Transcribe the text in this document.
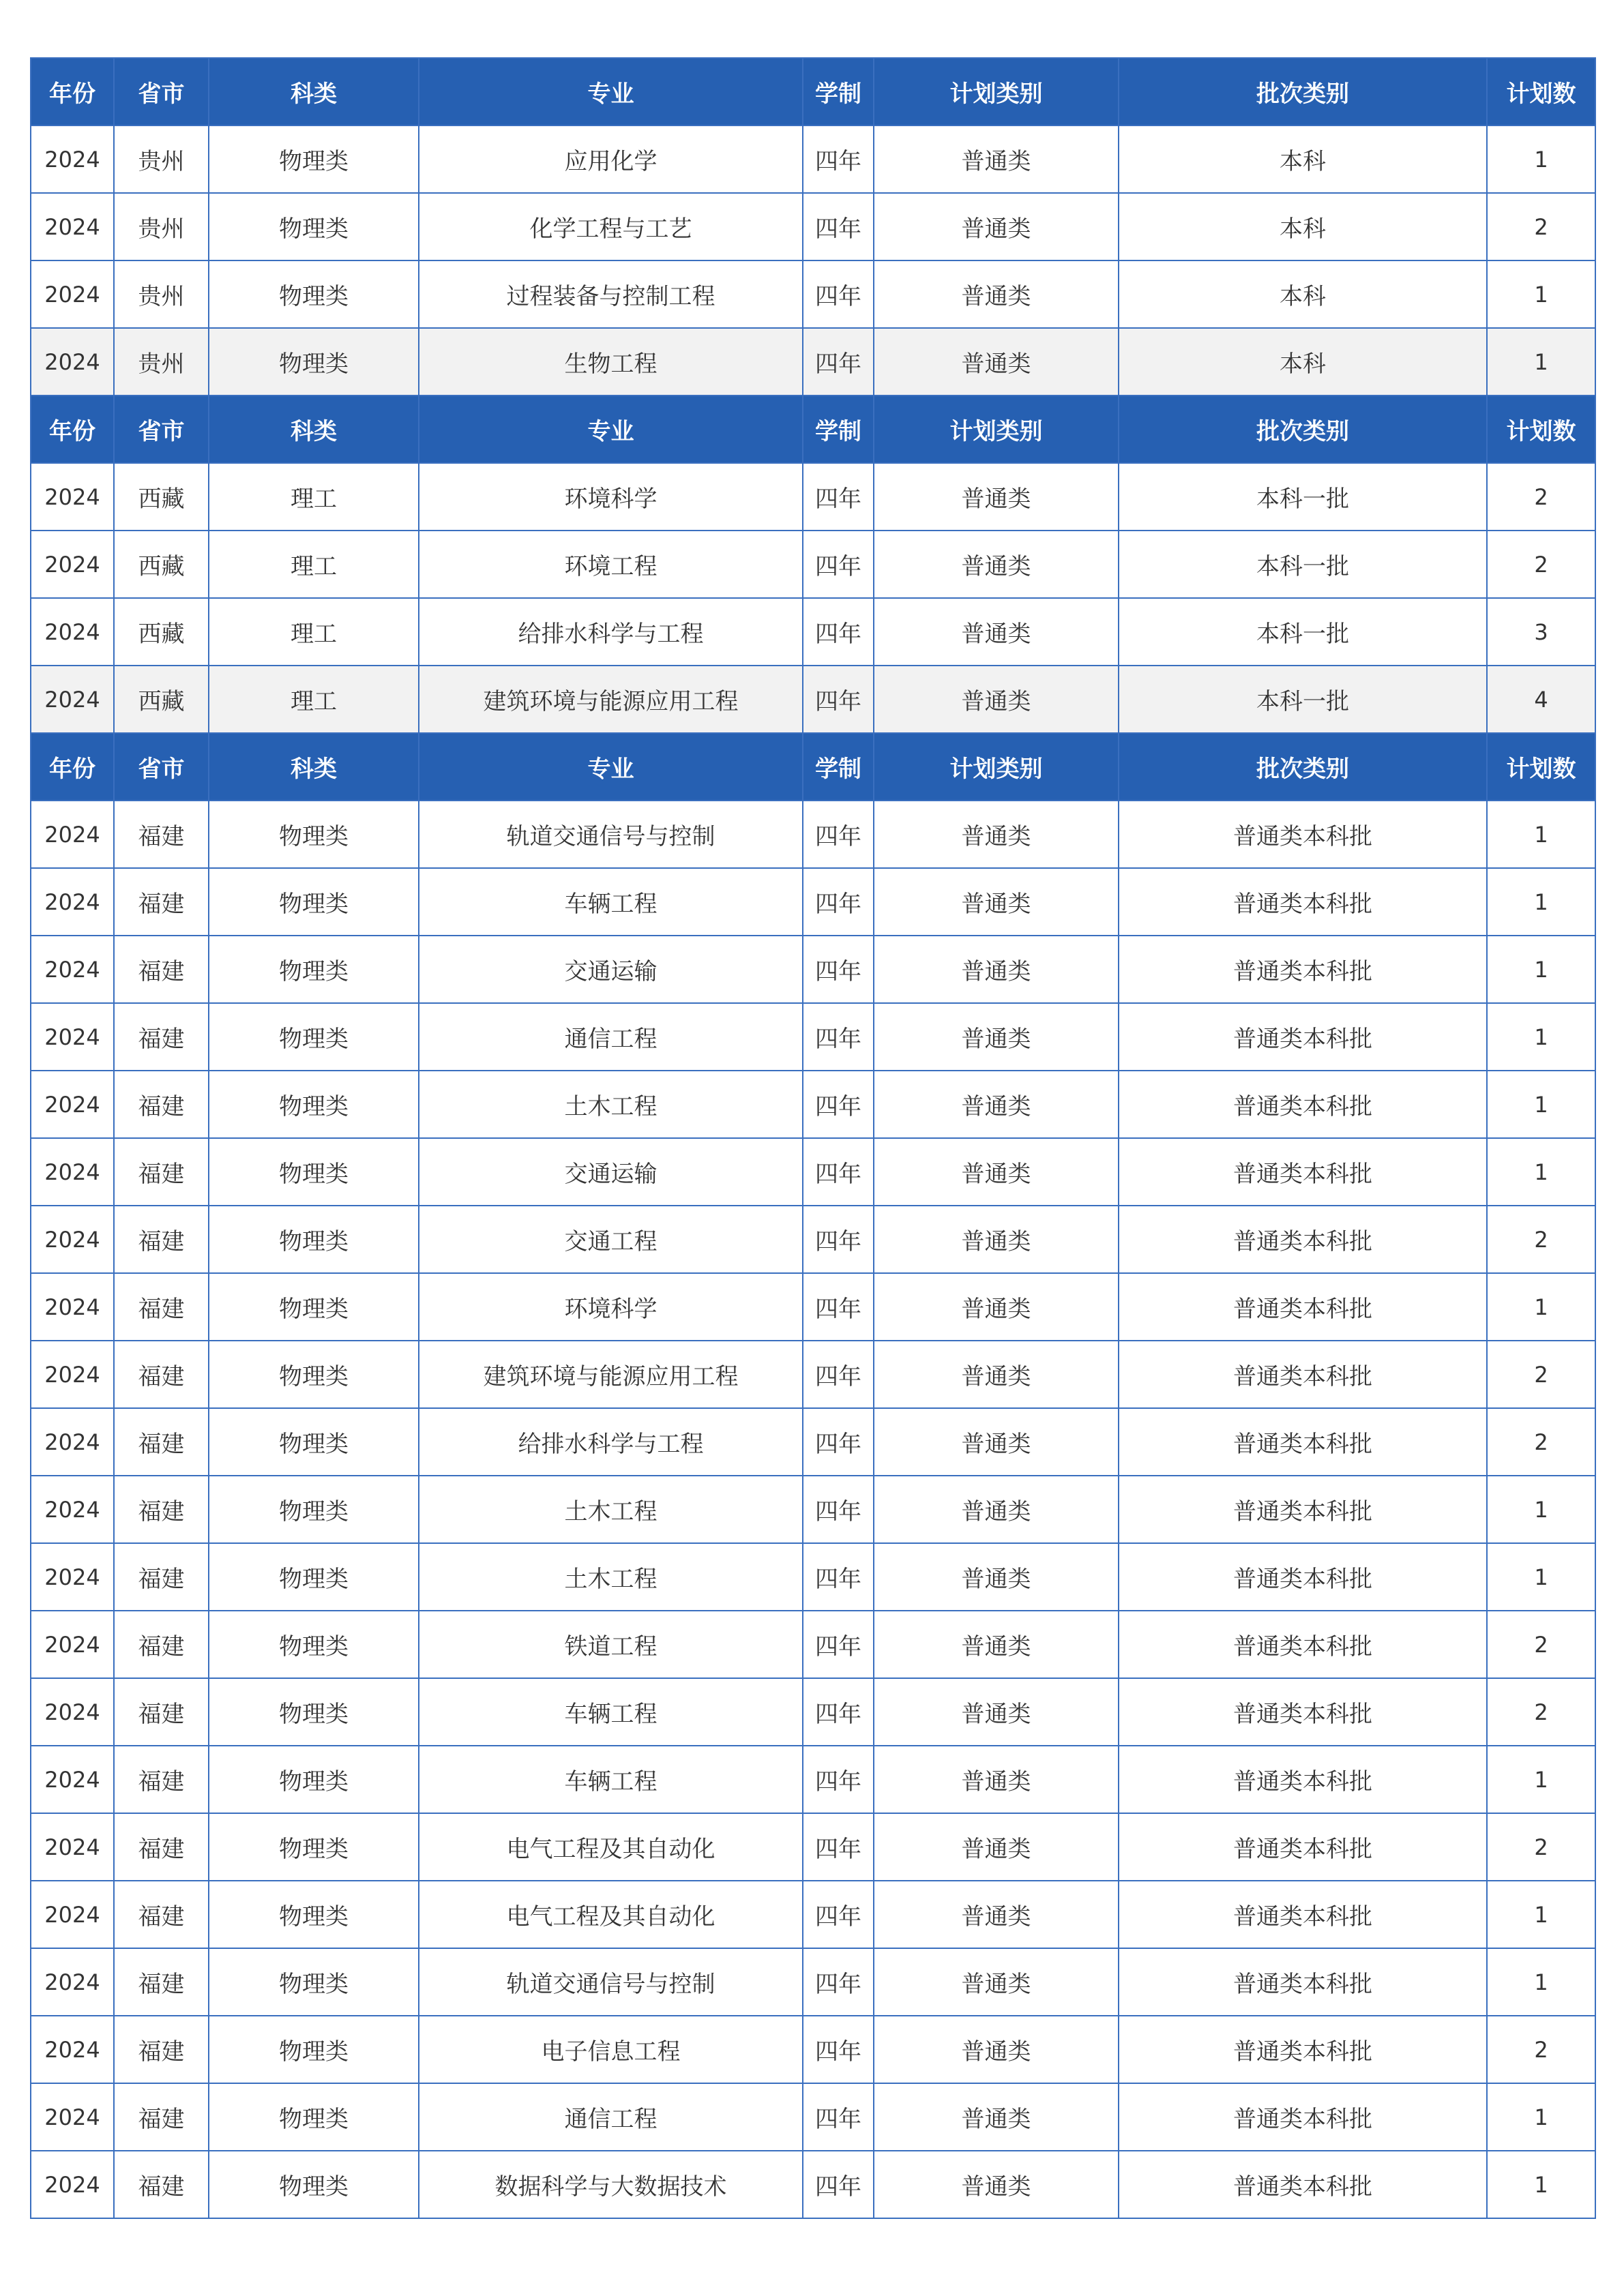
年份	省市	科类	专业	学制	计划类别	批次类别	计划数
2024	贵州	物理类	应用化学	四年	普通类	本科	1
2024	贵州	物理类	化学工程与工艺	四年	普通类	本科	2
2024	贵州	物理类	过程装备与控制工程	四年	普通类	本科	1
2024	贵州	物理类	生物工程	四年	普通类	本科	1
年份	省市	科类	专业	学制	计划类别	批次类别	计划数
2024	西藏	理工	环境科学	四年	普通类	本科一批	2
2024	西藏	理工	环境工程	四年	普通类	本科一批	2
2024	西藏	理工	给排水科学与工程	四年	普通类	本科一批	3
2024	西藏	理工	建筑环境与能源应用工程	四年	普通类	本科一批	4
年份	省市	科类	专业	学制	计划类别	批次类别	计划数
2024	福建	物理类	轨道交通信号与控制	四年	普通类	普通类本科批	1
2024	福建	物理类	车辆工程	四年	普通类	普通类本科批	1
2024	福建	物理类	交通运输	四年	普通类	普通类本科批	1
2024	福建	物理类	通信工程	四年	普通类	普通类本科批	1
2024	福建	物理类	土木工程	四年	普通类	普通类本科批	1
2024	福建	物理类	交通运输	四年	普通类	普通类本科批	1
2024	福建	物理类	交通工程	四年	普通类	普通类本科批	2
2024	福建	物理类	环境科学	四年	普通类	普通类本科批	1
2024	福建	物理类	建筑环境与能源应用工程	四年	普通类	普通类本科批	2
2024	福建	物理类	给排水科学与工程	四年	普通类	普通类本科批	2
2024	福建	物理类	土木工程	四年	普通类	普通类本科批	1
2024	福建	物理类	土木工程	四年	普通类	普通类本科批	1
2024	福建	物理类	铁道工程	四年	普通类	普通类本科批	2
2024	福建	物理类	车辆工程	四年	普通类	普通类本科批	2
2024	福建	物理类	车辆工程	四年	普通类	普通类本科批	1
2024	福建	物理类	电气工程及其自动化	四年	普通类	普通类本科批	2
2024	福建	物理类	电气工程及其自动化	四年	普通类	普通类本科批	1
2024	福建	物理类	轨道交通信号与控制	四年	普通类	普通类本科批	1
2024	福建	物理类	电子信息工程	四年	普通类	普通类本科批	2
2024	福建	物理类	通信工程	四年	普通类	普通类本科批	1
2024	福建	物理类	数据科学与大数据技术	四年	普通类	普通类本科批	1
